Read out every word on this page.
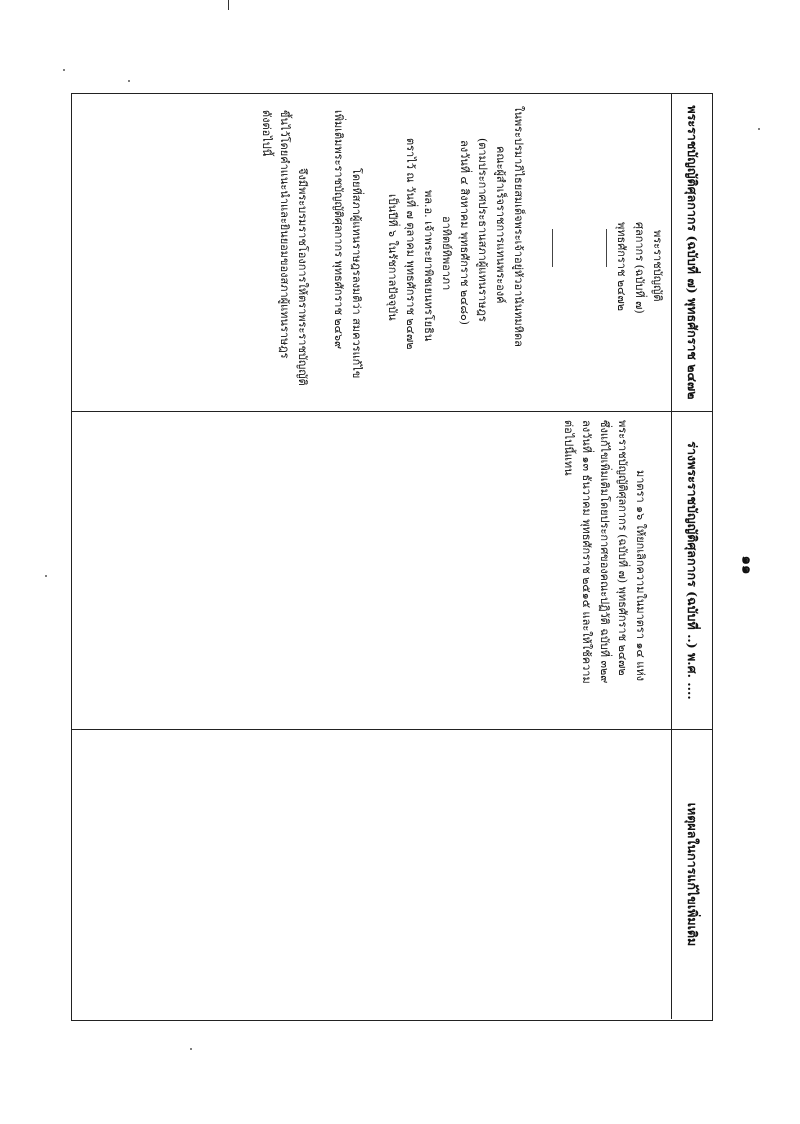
๑๑
พระราชบัญญัติศุลกากร (ฉบับที่ ๗) พุทธศักราช ๒๔๗๒
พระราชบัญญัติ
ศุลกากร (ฉบับที่ ๗)
พุทธศักราช ๒๔๗๒
ในพระปรมาภิไธยสมเด็จพระเจ้าอยู่หัวอานันทมหิดล
คณะผู้สำเร็จราชการแทนพระองค์
(ตามประกาศประธานสภาผู้แทนราษฎร
ลงวันที่ ๔ สิงหาคม พุทธศักราช ๒๔๘๐)
อาทิตย์ทิพอาภา
พล.อ. เจ้าพระยาพิชเยนทรโยธิน
ตราไว้ ณ วันที่ ๗ ตุลาคม พุทธศักราช ๒๔๗๒
เป็นปีที่ ๖ ในรัชกาลปัจจุบัน
โดยที่สภาผู้แทนราษฎรลงมติว่า สมควรแก้ไข
เพิ่มเติมพระราชบัญญัติศุลกากร พุทธศักราช ๒๔๖๙
จึงมีพระบรมราชโองการให้ตราพระราชบัญญัติ
ขึ้นไว้โดยคำแนะนำและยินยอมของสภาผู้แทนราษฎร
ดังต่อไปนี้
ร่างพระราชบัญญัติศุลกากร (ฉบับที่ ..) พ.ศ. ....
มาตรา ๑๖ ให้ยกเลิกความในมาตรา ๑๔ แห่ง
พระราชบัญญัติศุลกากร (ฉบับที่ ๗) พุทธศักราช ๒๔๗๒
ซึ่งแก้ไขเพิ่มเติมโดยประกาศของคณะปฏิวัติ ฉบับที่ ๓๒๙
ลงวันที่ ๑๓ ธันวาคม พุทธศักราช ๒๕๑๕ และให้ใช้ความ
ต่อไปนี้แทน
เหตุผลในการแก้ไขเพิ่มเติม
